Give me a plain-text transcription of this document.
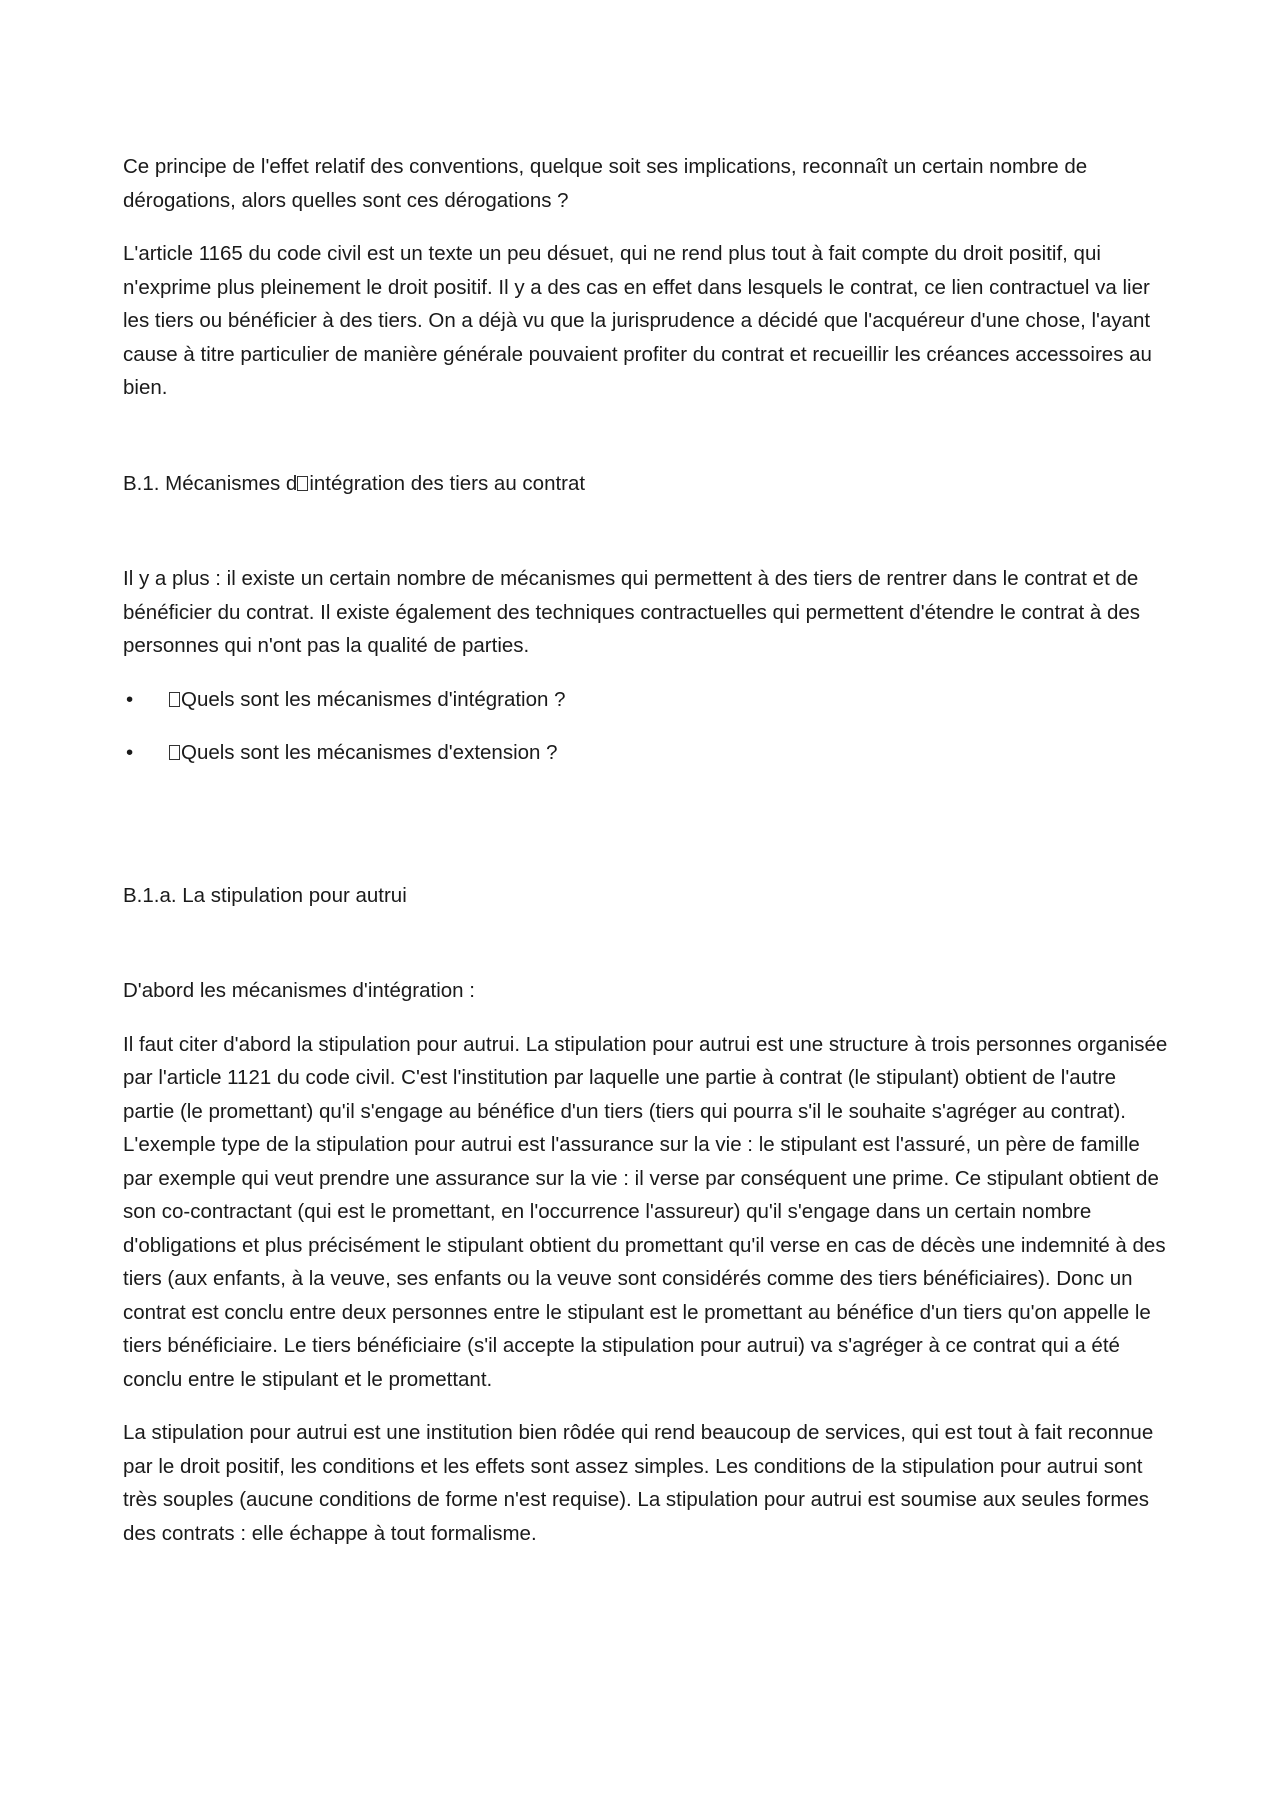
Ce principe de l'effet relatif des conventions, quelque soit ses implications, reconnaît un certain nombre de dérogations, alors quelles sont ces dérogations ?

L'article 1165 du code civil est un texte un peu désuet, qui ne rend plus tout à fait compte du droit positif, qui n'exprime plus pleinement le droit positif. Il y a des cas en effet dans lesquels le contrat, ce lien contractuel va lier les tiers ou bénéficier à des tiers. On a déjà vu que la jurisprudence a décidé que l'acquéreur d'une chose, l'ayant cause à titre particulier de manière générale pouvaient profiter du contrat et recueillir les créances accessoires au bien.

B.1. Mécanismes d intégration des tiers au contrat

Il y a plus : il existe un certain nombre de mécanismes qui permettent à des tiers de rentrer dans le contrat et de bénéficier du contrat. Il existe également des techniques contractuelles qui permettent d'étendre le contrat à des personnes qui n'ont pas la qualité de parties.

• Quels sont les mécanismes d'intégration ?
• Quels sont les mécanismes d'extension ?

B.1.a. La stipulation pour autrui

D'abord les mécanismes d'intégration :

Il faut citer d'abord la stipulation pour autrui. La stipulation pour autrui est une structure à trois personnes organisée par l'article 1121 du code civil. C'est l'institution par laquelle une partie à contrat (le stipulant) obtient de l'autre partie (le promettant) qu'il s'engage au bénéfice d'un tiers (tiers qui pourra s'il le souhaite s'agréger au contrat). L'exemple type de la stipulation pour autrui est l'assurance sur la vie : le stipulant est l'assuré, un père de famille par exemple qui veut prendre une assurance sur la vie : il verse par conséquent une prime. Ce stipulant obtient de son co-contractant (qui est le promettant, en l'occurrence l'assureur) qu'il s'engage dans un certain nombre d'obligations et plus précisément le stipulant obtient du promettant qu'il verse en cas de décès une indemnité à des tiers (aux enfants, à la veuve, ses enfants ou la veuve sont considérés comme des tiers bénéficiaires). Donc un contrat est conclu entre deux personnes entre le stipulant est le promettant au bénéfice d'un tiers qu'on appelle le tiers bénéficiaire. Le tiers bénéficiaire (s'il accepte la stipulation pour autrui) va s'agréger à ce contrat qui a été conclu entre le stipulant et le promettant.

La stipulation pour autrui est une institution bien rôdée qui rend beaucoup de services, qui est tout à fait reconnue par le droit positif, les conditions et les effets sont assez simples. Les conditions de la stipulation pour autrui sont très souples (aucune conditions de forme n'est requise). La stipulation pour autrui est soumise aux seules formes des contrats : elle échappe à tout formalisme.
